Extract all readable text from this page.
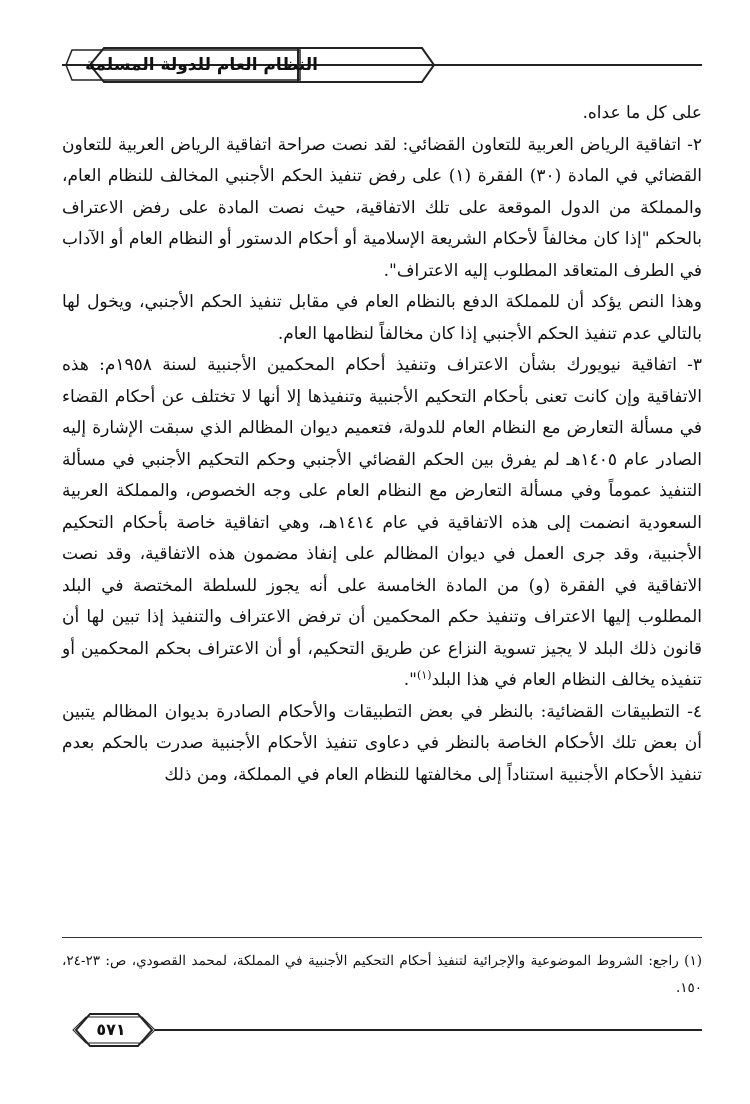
النظام العام للدولة المسلمة

على كل ما عداه.

٢- اتفاقية الرياض العربية للتعاون القضائي: لقد نصت صراحة اتفاقية الرياض العربية للتعاون القضائي في المادة (٣٠) الفقرة (١) على رفض تنفيذ الحكم الأجنبي المخالف للنظام العام، والمملكة من الدول الموقعة على تلك الاتفاقية، حيث نصت المادة على رفض الاعتراف بالحكم "إذا كان مخالفاً لأحكام الشريعة الإسلامية أو أحكام الدستور أو النظام العام أو الآداب في الطرف المتعاقد المطلوب إليه الاعتراف".

وهذا النص يؤكد أن للمملكة الدفع بالنظام العام في مقابل تنفيذ الحكم الأجنبي، ويخول لها بالتالي عدم تنفيذ الحكم الأجنبي إذا كان مخالفاً لنظامها العام.

٣- اتفاقية نيويورك بشأن الاعتراف وتنفيذ أحكام المحكمين الأجنبية لسنة ١٩٥٨م: هذه الاتفاقية وإن كانت تعنى بأحكام التحكيم الأجنبية وتنفيذها إلا أنها لا تختلف عن أحكام القضاء في مسألة التعارض مع النظام العام للدولة، فتعميم ديوان المظالم الذي سبقت الإشارة إليه الصادر عام ١٤٠٥هـ لم يفرق بين الحكم القضائي الأجنبي وحكم التحكيم الأجنبي في مسألة التنفيذ عموماً وفي مسألة التعارض مع النظام العام على وجه الخصوص، والمملكة العربية السعودية انضمت إلى هذه الاتفاقية في عام ١٤١٤هـ، وهي اتفاقية خاصة بأحكام التحكيم الأجنبية، وقد جرى العمل في ديوان المظالم على إنفاذ مضمون هذه الاتفاقية، وقد نصت الاتفاقية في الفقرة (و) من المادة الخامسة على أنه يجوز للسلطة المختصة في البلد المطلوب إليها الاعتراف وتنفيذ حكم المحكمين أن ترفض الاعتراف والتنفيذ إذا تبين لها أن قانون ذلك البلد لا يجيز تسوية النزاع عن طريق التحكيم، أو أن الاعتراف بحكم المحكمين أو تنفيذه يخالف النظام العام في هذا البلد$^{(١)}$".

٤- التطبيقات القضائية: بالنظر في بعض التطبيقات والأحكام الصادرة بديوان المظالم يتبين أن بعض تلك الأحكام الخاصة بالنظر في دعاوى تنفيذ الأحكام الأجنبية صدرت بالحكم بعدم تنفيذ الأحكام الأجنبية استناداً إلى مخالفتها للنظام العام في المملكة، ومن ذلك

(١) راجع: الشروط الموضوعية والإجرائية لتنفيذ أحكام التحكيم الأجنبية في المملكة، لمحمد القصودي، ص: ٢٣-٢٤، ١٥٠.

٥٧١
